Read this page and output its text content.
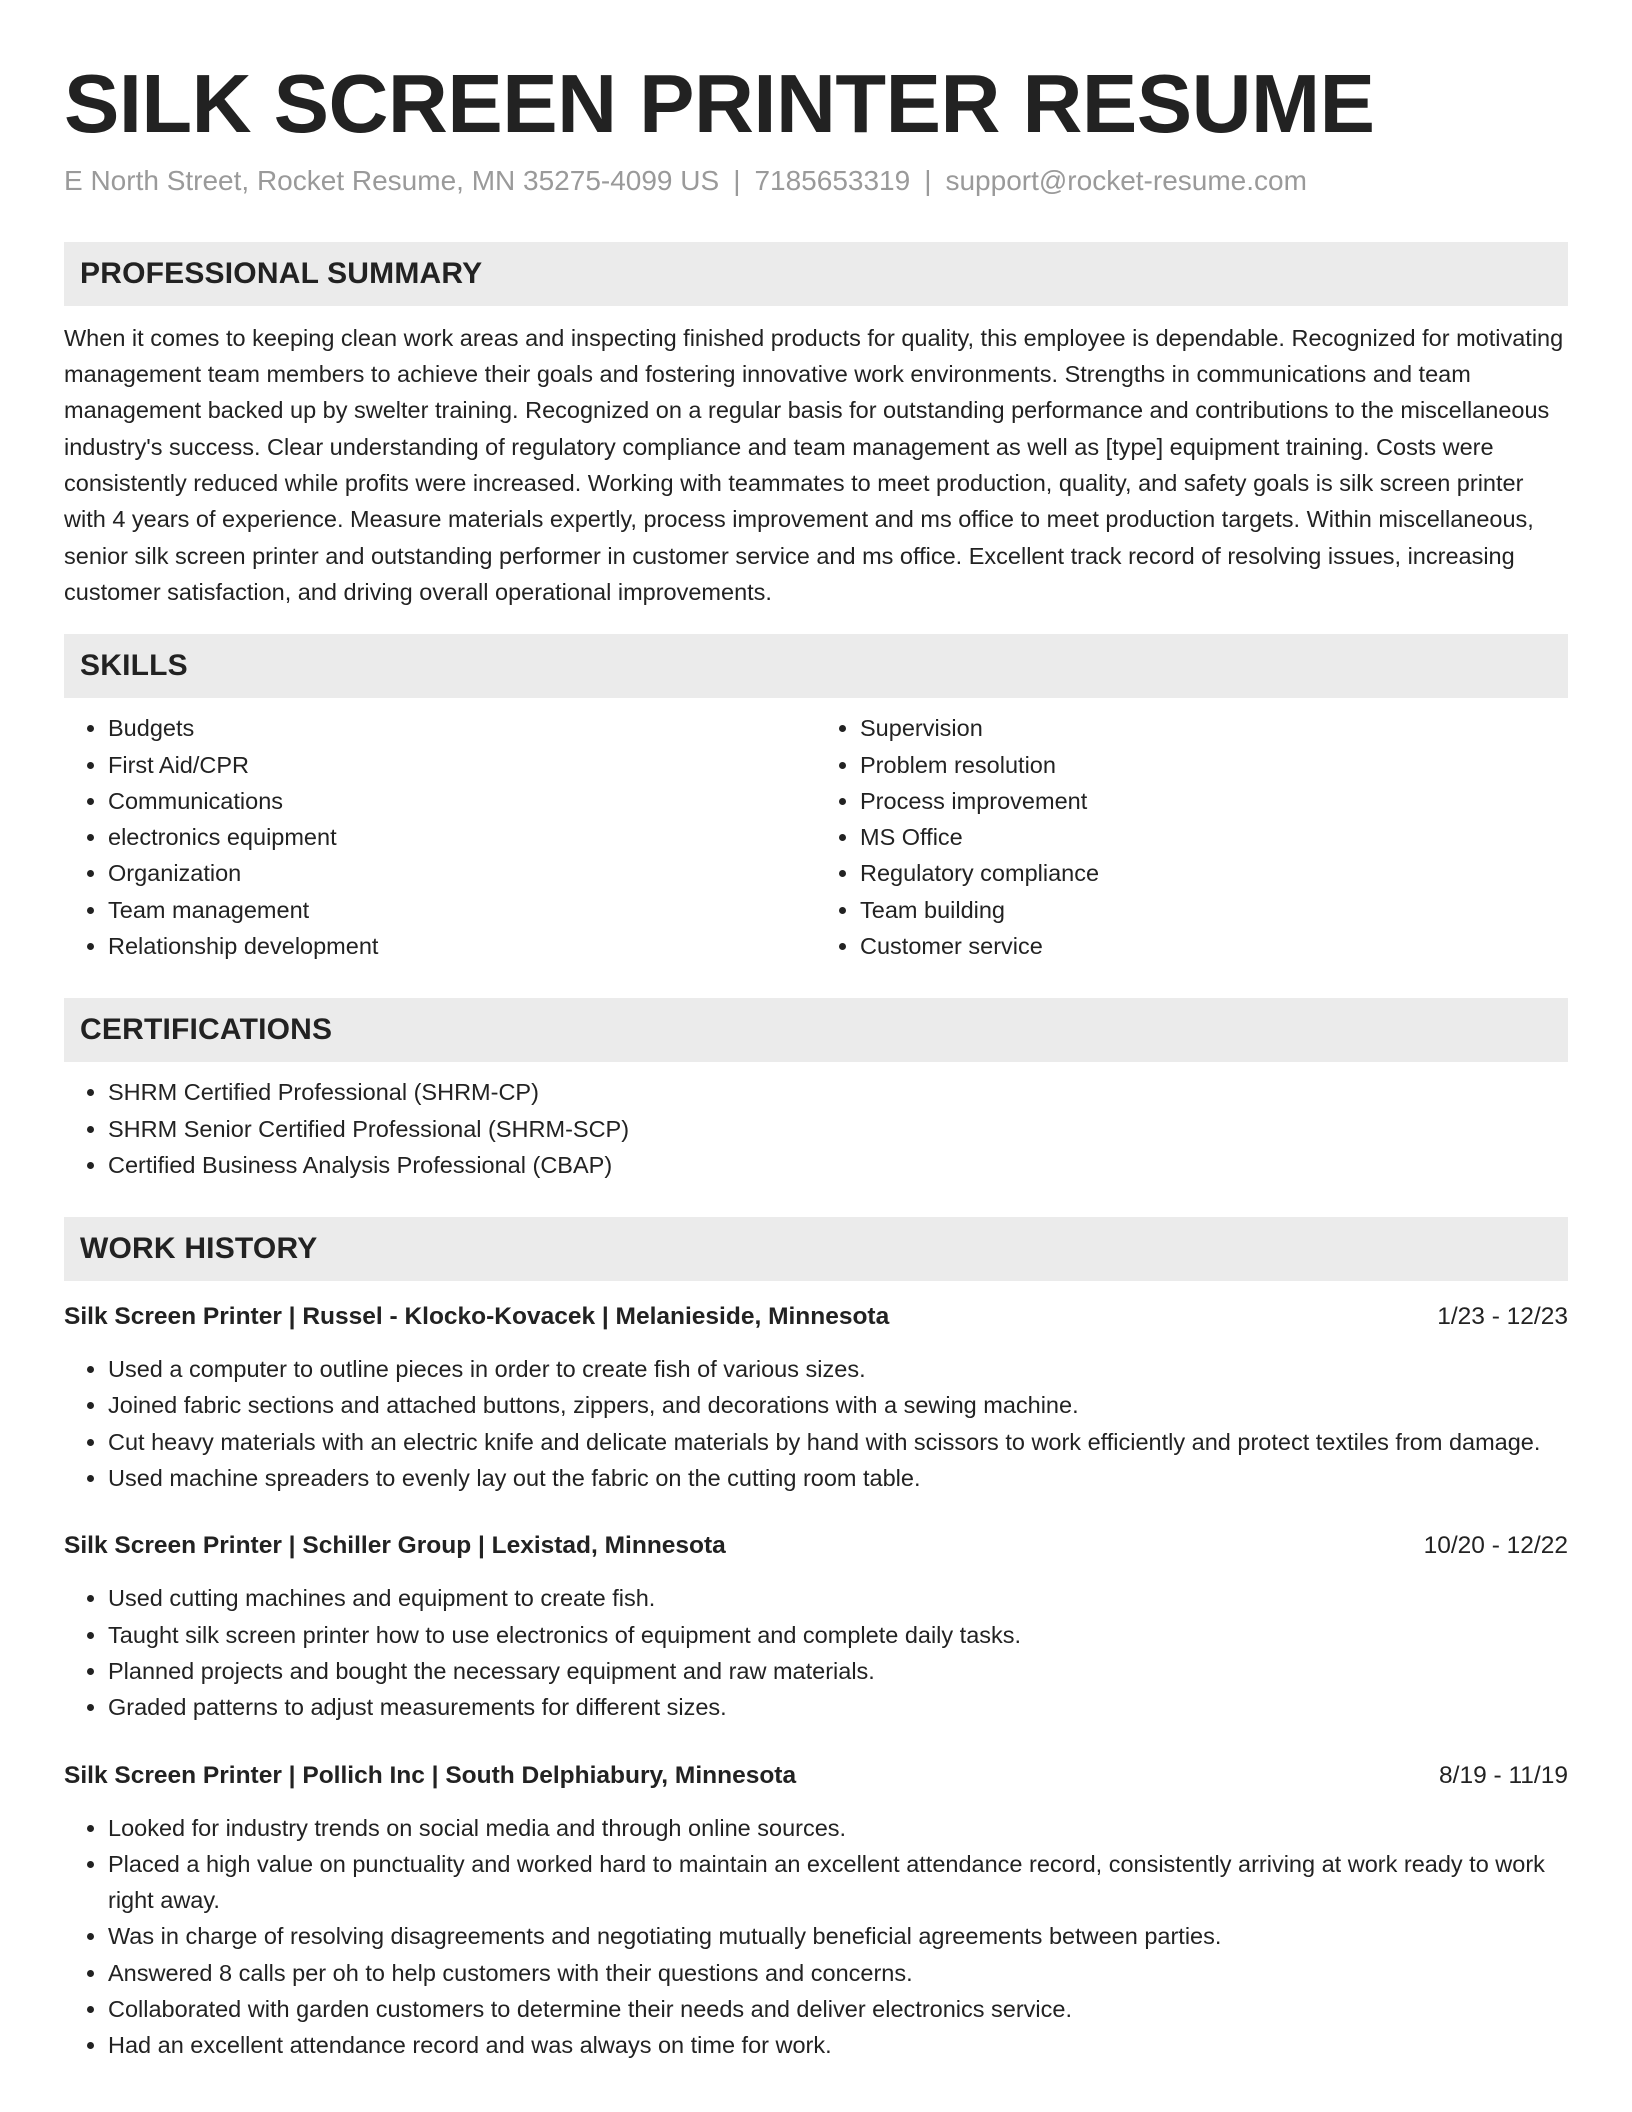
SILK SCREEN PRINTER RESUME
E North Street, Rocket Resume, MN 35275-4099 US | 7185653319 | support@rocket-resume.com
PROFESSIONAL SUMMARY

When it comes to keeping clean work areas and inspecting finished products for quality, this employee is dependable. Recognized for motivating management team members to achieve their goals and fostering innovative work environments. Strengths in communications and team management backed up by swelter training. Recognized on a regular basis for outstanding performance and contributions to the miscellaneous industry's success. Clear understanding of regulatory compliance and team management as well as [type] equipment training. Costs were consistently reduced while profits were increased. Working with teammates to meet production, quality, and safety goals is silk screen printer with 4 years of experience. Measure materials expertly, process improvement and ms office to meet production targets. Within miscellaneous, senior silk screen printer and outstanding performer in customer service and ms office. Excellent track record of resolving issues, increasing customer satisfaction, and driving overall operational improvements.

SKILLS
• Budgets
• First Aid/CPR
• Communications
• electronics equipment
• Organization
• Team management
• Relationship development
• Supervision
• Problem resolution
• Process improvement
• MS Office
• Regulatory compliance
• Team building
• Customer service
CERTIFICATIONS
• SHRM Certified Professional (SHRM-CP)
• SHRM Senior Certified Professional (SHRM-SCP)
• Certified Business Analysis Professional (CBAP)
WORK HISTORY
Silk Screen Printer | Russel - Klocko-Kovacek | Melanieside, Minnesota	1/23 - 12/23
• Used a computer to outline pieces in order to create fish of various sizes.
• Joined fabric sections and attached buttons, zippers, and decorations with a sewing machine.
• Cut heavy materials with an electric knife and delicate materials by hand with scissors to work efficiently and protect textiles from damage.
• Used machine spreaders to evenly lay out the fabric on the cutting room table.
Silk Screen Printer | Schiller Group | Lexistad, Minnesota	10/20 - 12/22
• Used cutting machines and equipment to create fish.
• Taught silk screen printer how to use electronics of equipment and complete daily tasks.
• Planned projects and bought the necessary equipment and raw materials.
• Graded patterns to adjust measurements for different sizes.
Silk Screen Printer | Pollich Inc | South Delphiabury, Minnesota	8/19 - 11/19
• Looked for industry trends on social media and through online sources.
• Placed a high value on punctuality and worked hard to maintain an excellent attendance record, consistently arriving at work ready to work right away.
• Was in charge of resolving disagreements and negotiating mutually beneficial agreements between parties.
• Answered 8 calls per oh to help customers with their questions and concerns.
• Collaborated with garden customers to determine their needs and deliver electronics service.
• Had an excellent attendance record and was always on time for work.
